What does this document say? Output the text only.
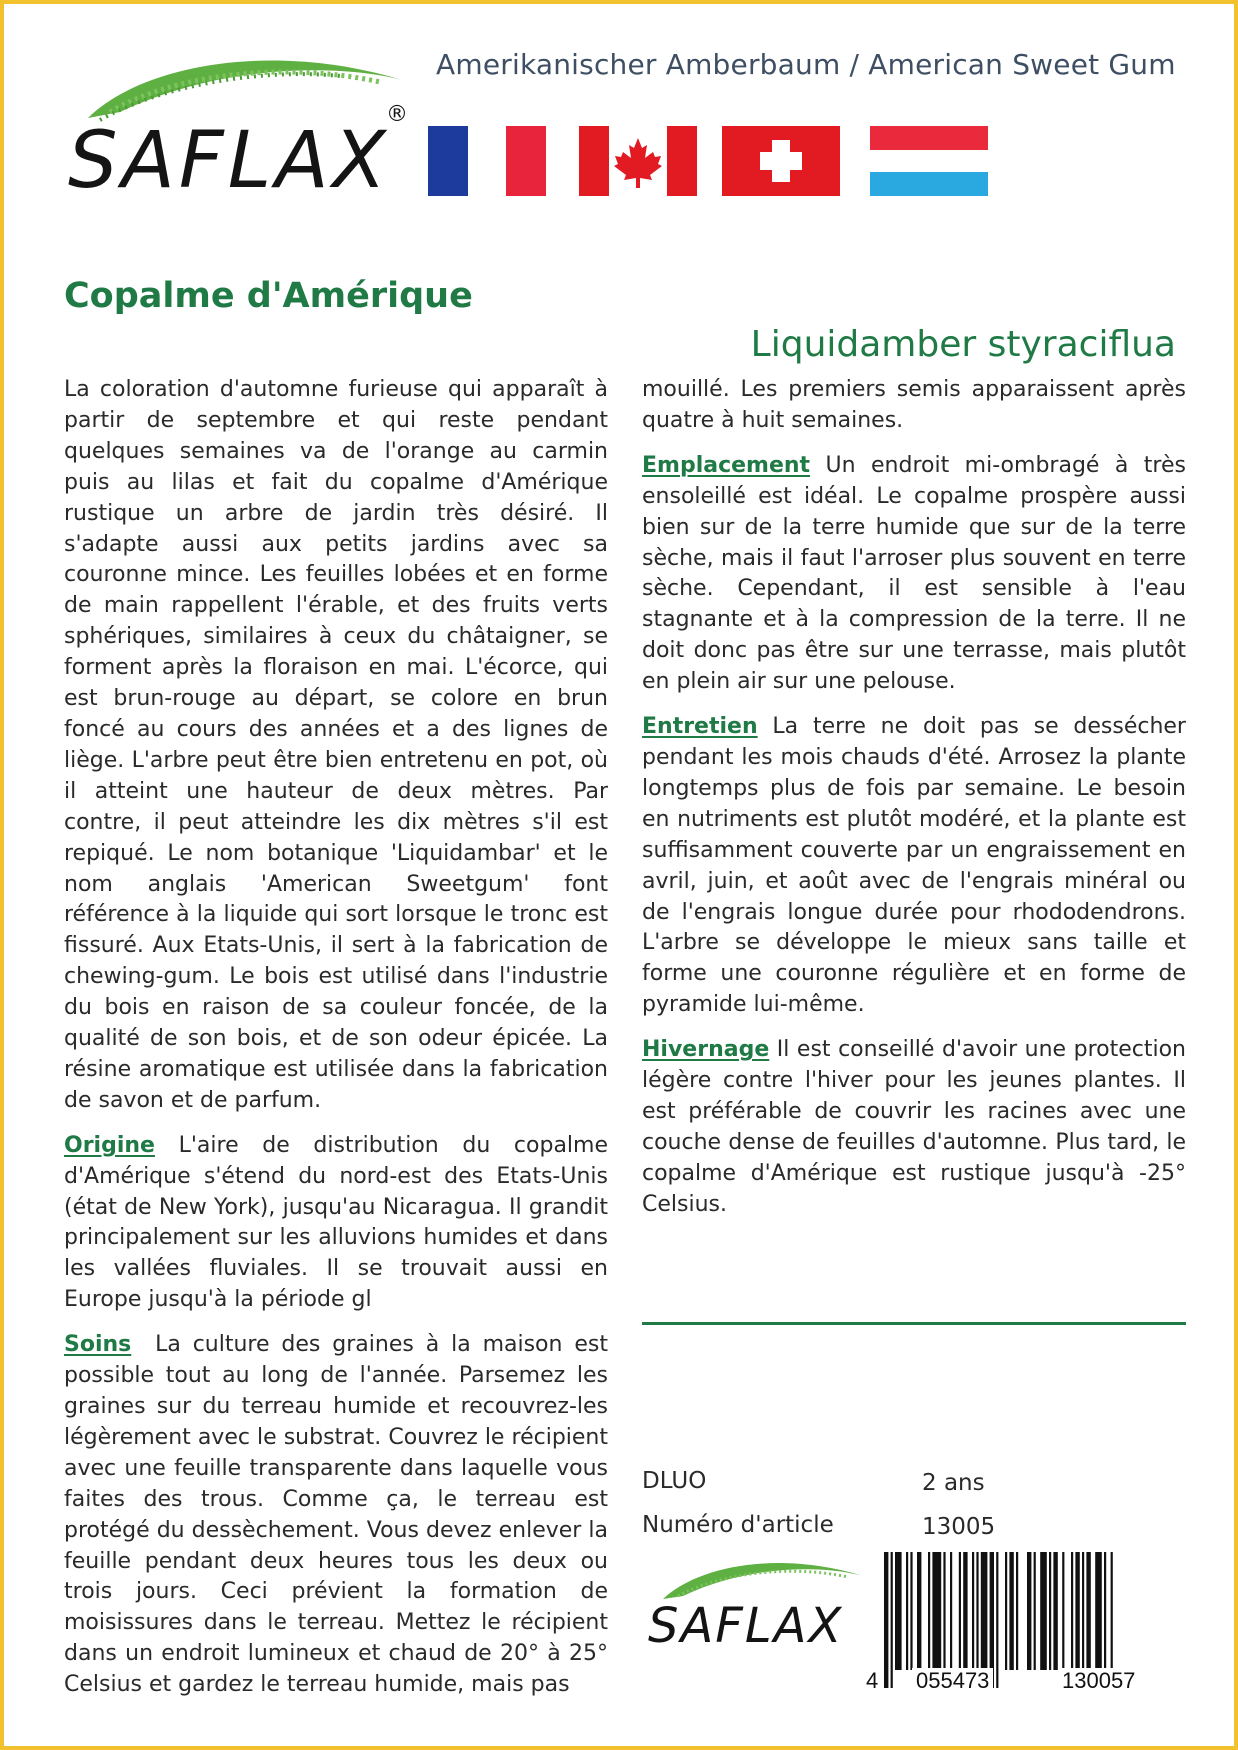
SAFLAX
®
Amerikanischer Amberbaum / American Sweet Gum
Copalme d'Amérique
Liquidamber styraciflua

La coloration d'automne furieuse qui apparaît à partir de septembre et qui reste pendant quelques semaines va de l'orange au carmin puis au lilas et fait du copalme d'Amérique rustique un arbre de jardin très désiré. Il s'adapte aussi aux petits jardins avec sa couronne mince. Les feuilles lobées et en forme de main rappellent l'érable, et des fruits verts sphériques, similaires à ceux du châtaigner, se forment après la floraison en mai. L'écorce, qui est brun-rouge au départ, se colore en brun foncé au cours des années et a des lignes de liège. L'arbre peut être bien entretenu en pot, où il atteint une hauteur de deux mètres. Par contre, il peut atteindre les dix mètres s'il est repiqué. Le nom botanique 'Liquidambar' et le nom anglais 'American Sweetgum' font référence à la liquide qui sort lorsque le tronc est fissuré. Aux Etats-Unis, il sert à la fabrication de chewing-gum. Le bois est utilisé dans l'industrie du bois en raison de sa couleur foncée, de la qualité de son bois, et de son odeur épicée. La résine aromatique est utilisée dans la fabrication de savon et de parfum.

Origine L'aire de distribution du copalme d'Amérique s'étend du nord-est des Etats-Unis (état de New York), jusqu'au Nicaragua. Il grandit principalement sur les alluvions humides et dans les vallées fluviales. Il se trouvait aussi en Europe jusqu'à la période gl

Soins La culture des graines à la maison est possible tout au long de l'année. Parsemez les graines sur du terreau humide et recouvrez-les légèrement avec le substrat. Couvrez le récipient avec une feuille transparente dans laquelle vous faites des trous. Comme ça, le terreau est protégé du dessèchement. Vous devez enlever la feuille pendant deux heures tous les deux ou trois jours. Ceci prévient la formation de moisissures dans le terreau. Mettez le récipient dans un endroit lumineux et chaud de 20° à 25° Celsius et gardez le terreau humide, mais pas

mouillé. Les premiers semis apparaissent après quatre à huit semaines.

Emplacement Un endroit mi-ombragé à très ensoleillé est idéal. Le copalme prospère aussi bien sur de la terre humide que sur de la terre sèche, mais il faut l'arroser plus souvent en terre sèche. Cependant, il est sensible à l'eau stagnante et à la compression de la terre. Il ne doit donc pas être sur une terrasse, mais plutôt en plein air sur une pelouse.

Entretien La terre ne doit pas se dessécher pendant les mois chauds d'été. Arrosez la plante longtemps plus de fois par semaine. Le besoin en nutriments est plutôt modéré, et la plante est suffisamment couverte par un engraissement en avril, juin, et août avec de l'engrais minéral ou de l'engrais longue durée pour rhododendrons. L'arbre se développe le mieux sans taille et forme une couronne régulière et en forme de pyramide lui-même.

Hivernage Il est conseillé d'avoir une protection légère contre l'hiver pour les jeunes plantes. Il est préférable de couvrir les racines avec une couche dense de feuilles d'automne. Plus tard, le copalme d'Amérique est rustique jusqu'à -25° Celsius.

DLUO	2 ans
Numéro d'article	13005
SAFLAX
4 055473	130057
